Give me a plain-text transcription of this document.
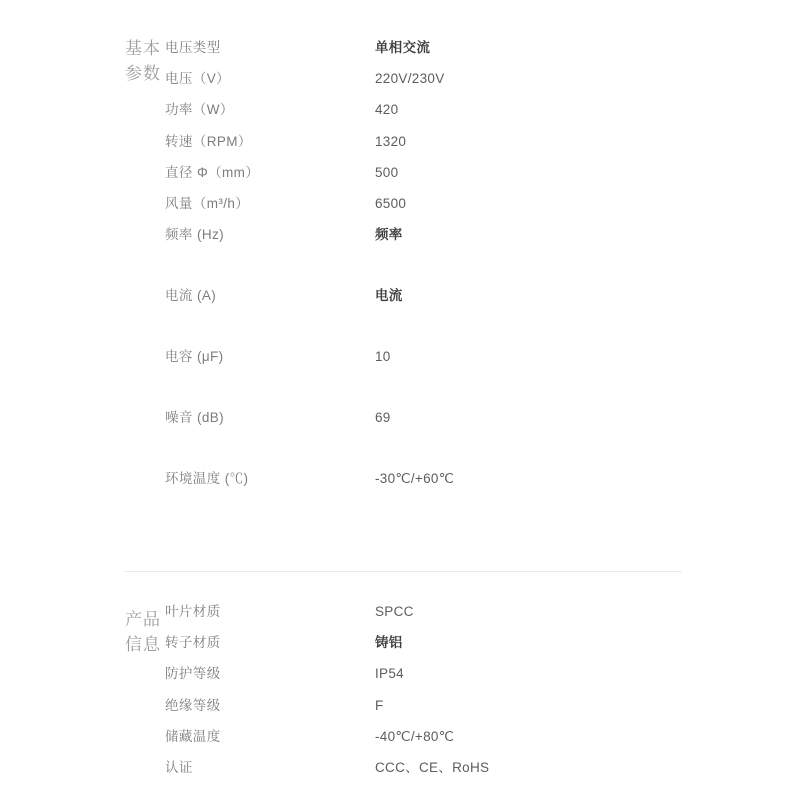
基本参数
电压类型	单相交流
电压（V）	220V/230V
功率（W）	420
转速（RPM）	1320
直径 Φ（mm）	500
风量（m³/h）	6500
频率 (Hz)	频率
电流 (A)	电流
电容 (μF)	10
噪音 (dB)	69
环境温度 (℃)	-30℃/+60℃
产品信息
叶片材质	SPCC
转子材质	铸铝
防护等级	IP54
绝缘等级	F
储藏温度	-40℃/+80℃
认证	CCC、CE、RoHS
